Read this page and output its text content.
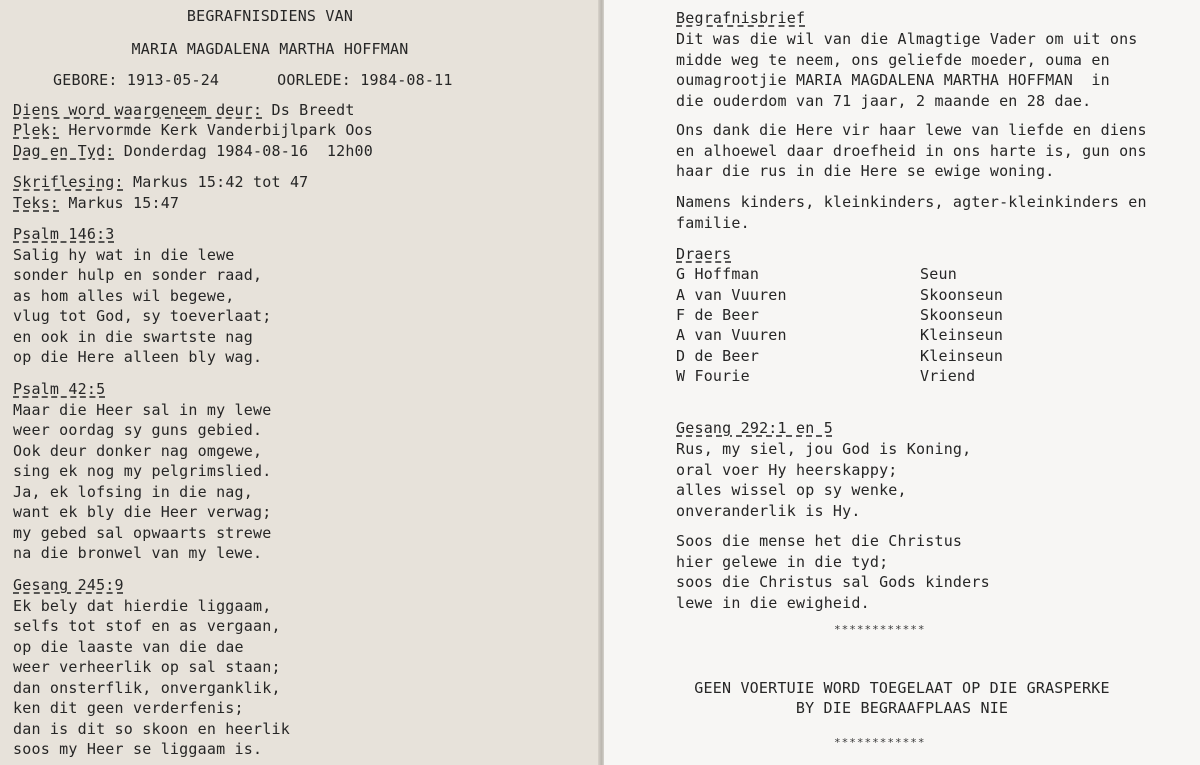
BEGRAFNISDIENS VAN
MARIA MAGDALENA MARTHA HOFFMAN
GEBORE: 1913-05-24	OORLEDE: 1984-08-11
Diens word waargeneem deur: Ds Breedt
Plek: Hervormde Kerk Vanderbijlpark Oos
Dag en Tyd: Donderdag 1984-08-16  12h00
Skriflesing: Markus 15:42 tot 47
Teks: Markus 15:47
Psalm 146:3
Salig hy wat in die lewe
sonder hulp en sonder raad,
as hom alles wil begewe,
vlug tot God, sy toeverlaat;
en ook in die swartste nag
op die Here alleen bly wag.
Psalm 42:5
Maar die Heer sal in my lewe
weer oordag sy guns gebied.
Ook deur donker nag omgewe,
sing ek nog my pelgrimslied.
Ja, ek lofsing in die nag,
want ek bly die Heer verwag;
my gebed sal opwaarts strewe
na die bronwel van my lewe.
Gesang 245:9
Ek bely dat hierdie liggaam,
selfs tot stof en as vergaan,
op die laaste van die dae
weer verheerlik op sal staan;
dan onsterflik, onverganklik,
ken dit geen verderfenis;
dan is dit so skoon en heerlik
soos my Heer se liggaam is.
Begrafnisbrief
Dit was die wil van die Almagtige Vader om uit ons
midde weg te neem, ons geliefde moeder, ouma en
oumagrootjie MARIA MAGDALENA MARTHA HOFFMAN  in
die ouderdom van 71 jaar, 2 maande en 28 dae.
Ons dank die Here vir haar lewe van liefde en diens
en alhoewel daar droefheid in ons harte is, gun ons
haar die rus in die Here se ewige woning.
Namens kinders, kleinkinders, agter-kleinkinders en
familie.
Draers
G Hoffman	Seun
A van Vuuren	Skoonseun
F de Beer	Skoonseun
A van Vuuren	Kleinseun
D de Beer	Kleinseun
W Fourie	Vriend
Gesang 292:1 en 5
Rus, my siel, jou God is Koning,
oral voer Hy heerskappy;
alles wissel op sy wenke,
onveranderlik is Hy.
Soos die mense het die Christus
hier gelewe in die tyd;
soos die Christus sal Gods kinders
lewe in die ewigheid.
************
GEEN VOERTUIE WORD TOEGELAAT OP DIE GRASPERKE
BY DIE BEGRAAFPLAAS NIE
************
